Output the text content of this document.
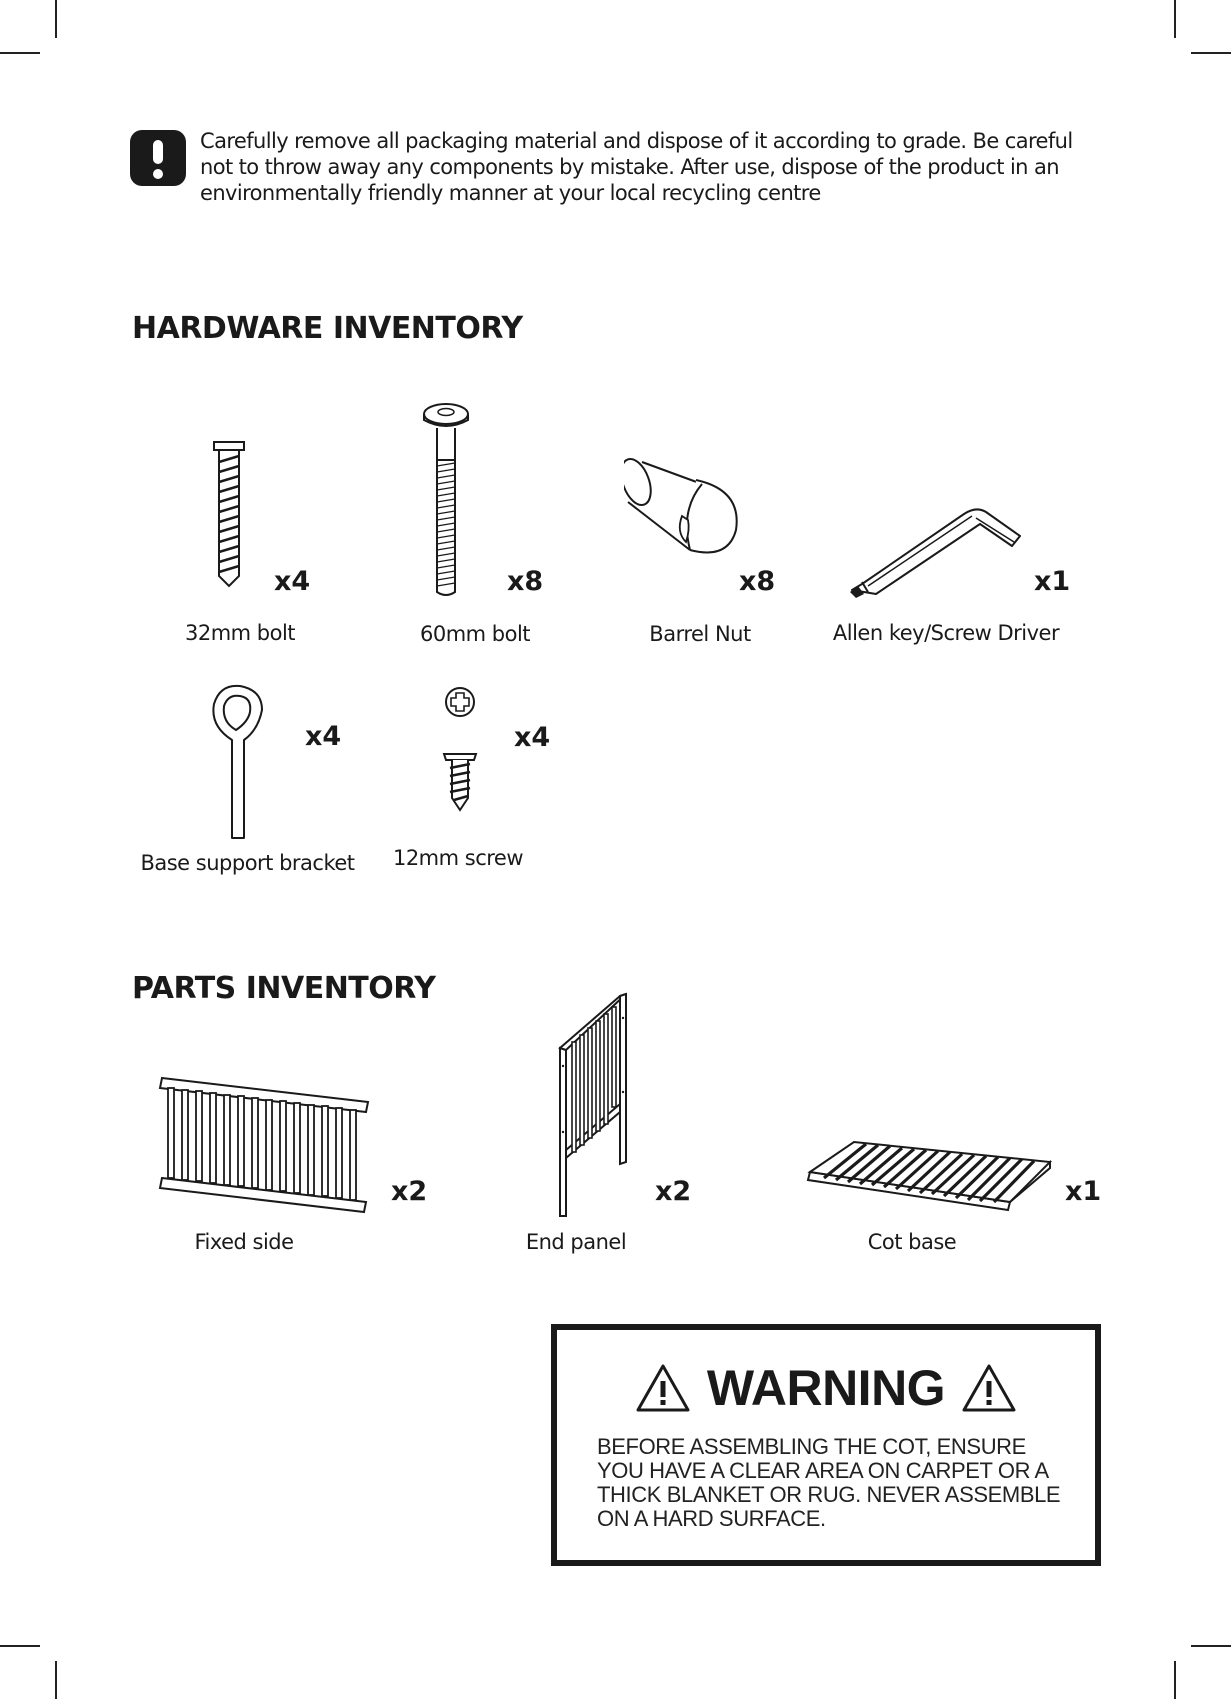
Carefully remove all packaging material and dispose of it according to grade. Be careful not to throw away any components by mistake. After use, dispose of the product in an environmentally friendly manner at your local recycling centre
HARDWARE INVENTORY
x4
32mm bolt
x8
60mm bolt
x8
Barrel Nut
x1
Allen key/Screw Driver
x4
Base support bracket
x4
12mm screw
PARTS INVENTORY
x2
Fixed side
x2
End panel
x1
Cot base
WARNING
BEFORE ASSEMBLING THE COT, ENSURE YOU HAVE A CLEAR AREA ON CARPET OR A THICK BLANKET OR RUG. NEVER ASSEMBLE ON A HARD SURFACE.
